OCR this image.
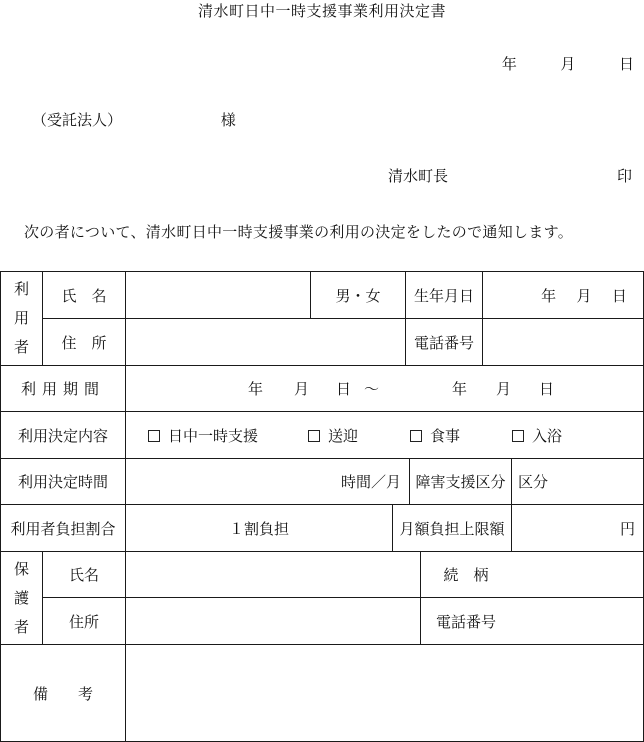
清水町日中一時支援事業利用決定書
年	月	日
（受託法人）	様
清水町長	印
次の者について、清水町日中一時支援事業の利用の決定をしたので通知します。
利
用
者
氏　名	男・女	生年月日	年 月 日
住　所	電話番号
利用期間	年 月 日 ～	年 月 日
利用決定内容	日中一時支援	送迎	食事	入浴
利用決定時間	時間／月 障害支援区分 区分
利用者負担割合	１割負担	月額負担上限額	円
保
護
者
氏名	続　柄
住所	電話番号
備　　考
